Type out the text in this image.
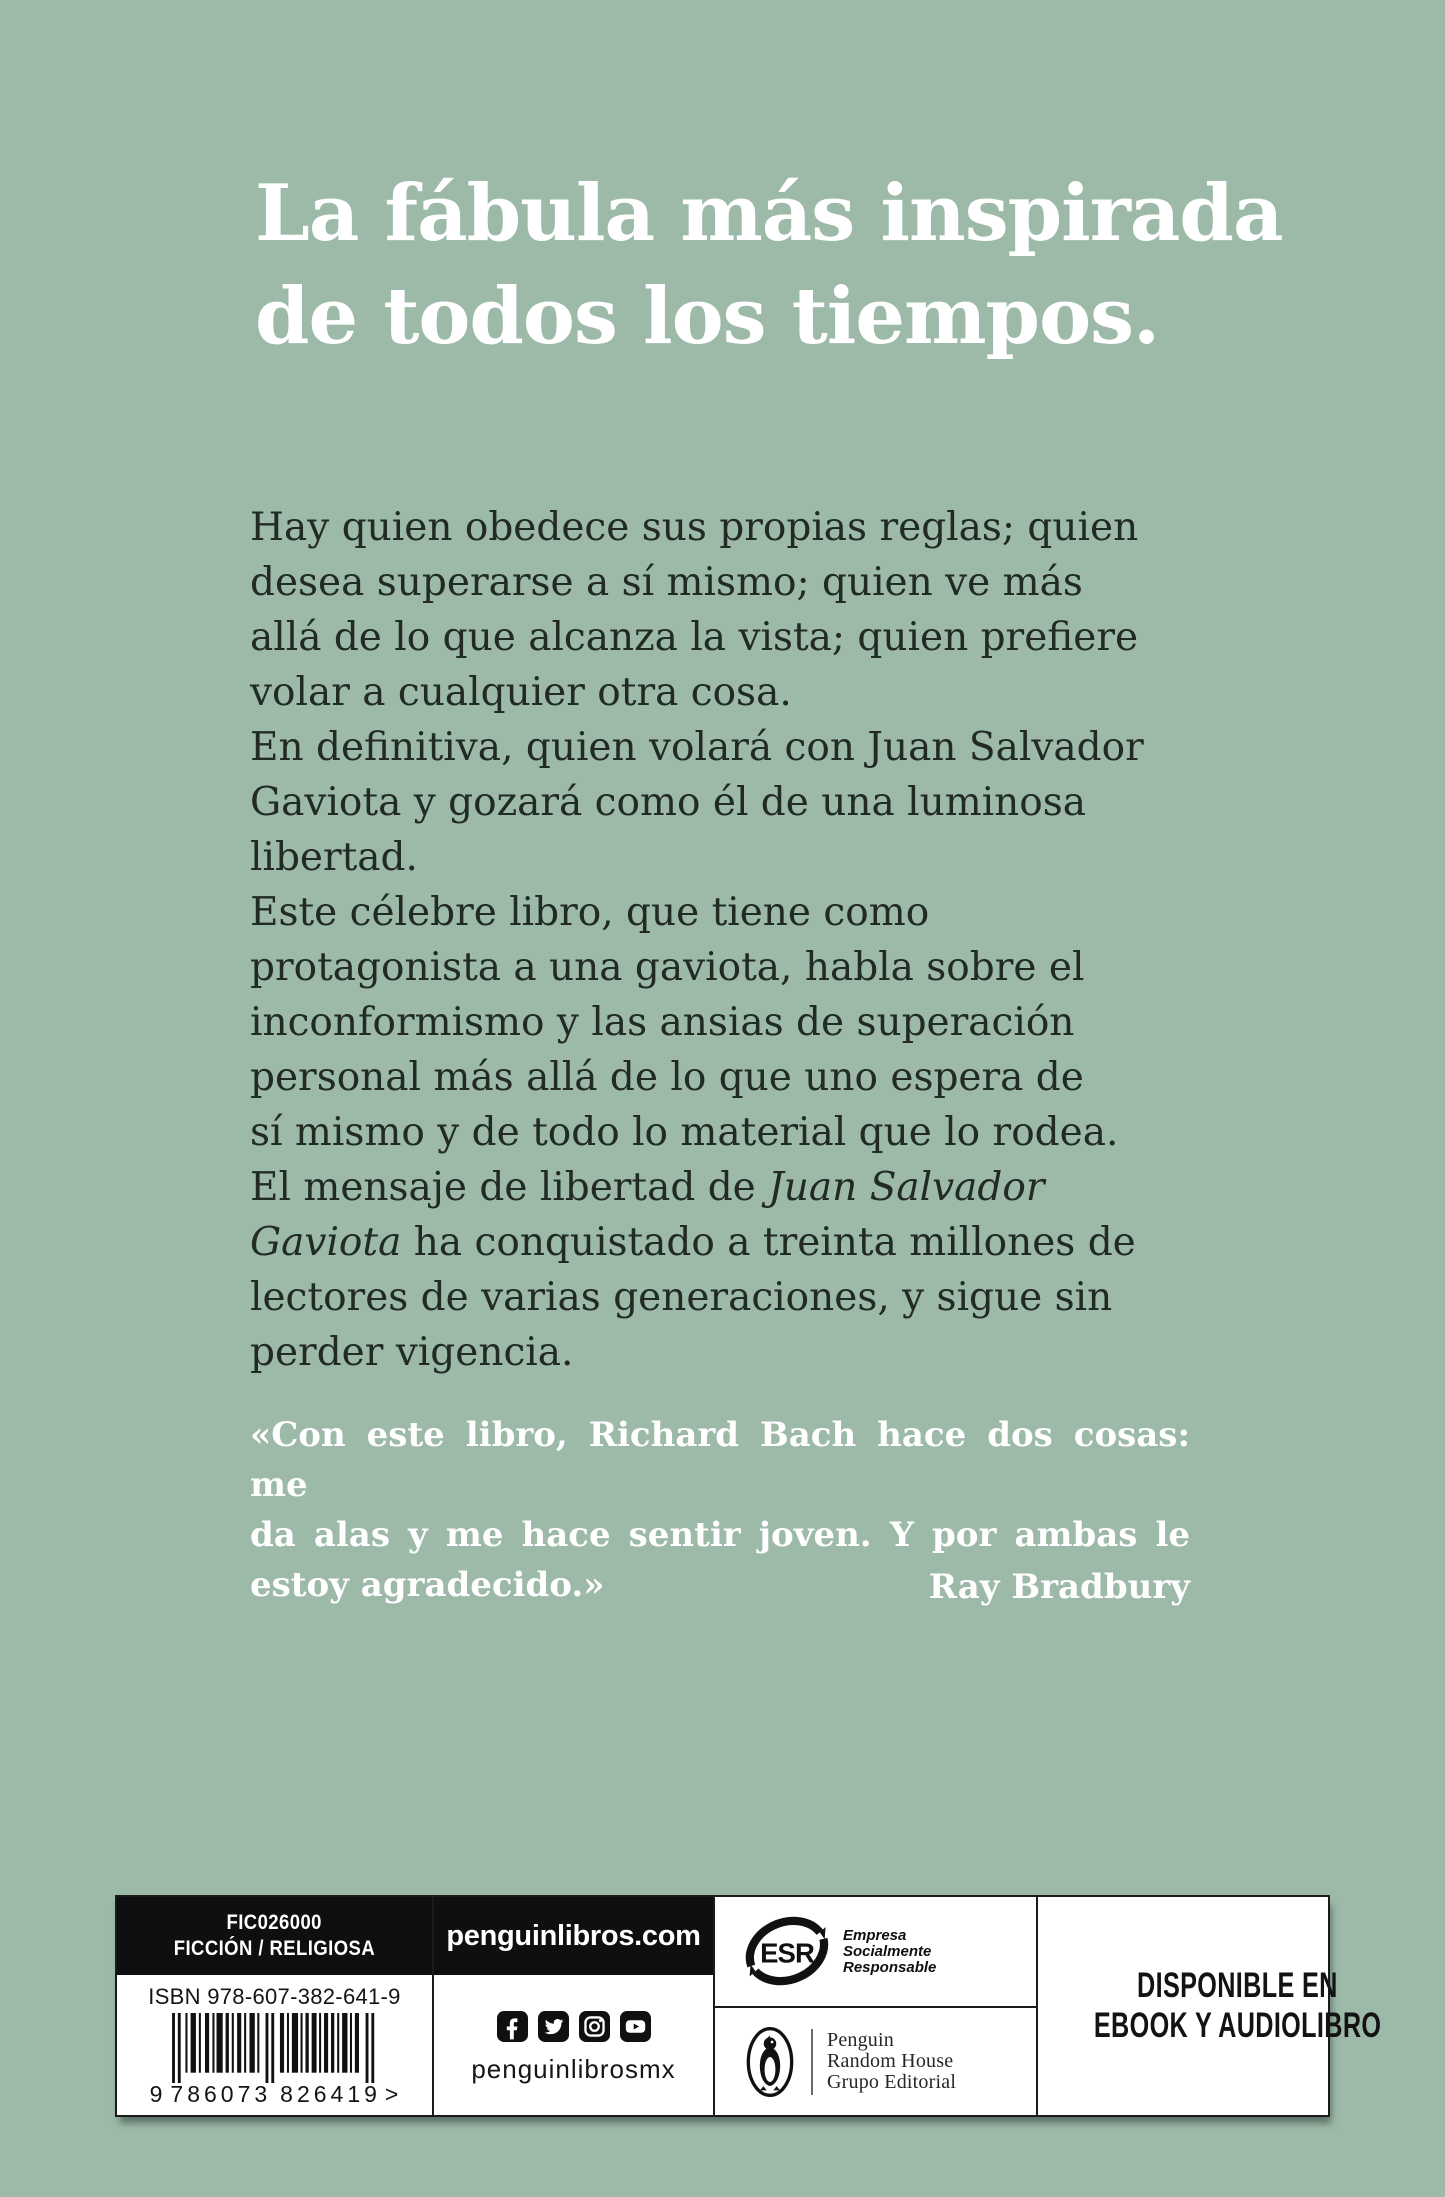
La fábula más inspirada
de todos los tiempos.
Hay quien obedece sus propias reglas; quien
desea superarse a sí mismo; quien ve más
allá de lo que alcanza la vista; quien prefiere
volar a cualquier otra cosa.
En definitiva, quien volará con Juan Salvador
Gaviota y gozará como él de una luminosa
libertad.
Este célebre libro, que tiene como
protagonista a una gaviota, habla sobre el
inconformismo y las ansias de superación
personal más allá de lo que uno espera de
sí mismo y de todo lo material que lo rodea.
El mensaje de libertad de Juan Salvador
Gaviota ha conquistado a treinta millones de
lectores de varias generaciones, y sigue sin
perder vigencia.
«Con este libro, Richard Bach hace dos cosas: me
da alas y me hace sentir joven. Y por ambas le
estoy agradecido.»	Ray Bradbury
FIC026000
FICCIÓN / RELIGIOSA
ISBN 978-607-382-641-9
9 786073 826419 >
penguinlibros.com
penguinlibrosmx
ESR
Empresa
Socialmente
Responsable
Penguin
Random House
Grupo Editorial
DISPONIBLE EN
EBOOK Y AUDIOLIBRO
